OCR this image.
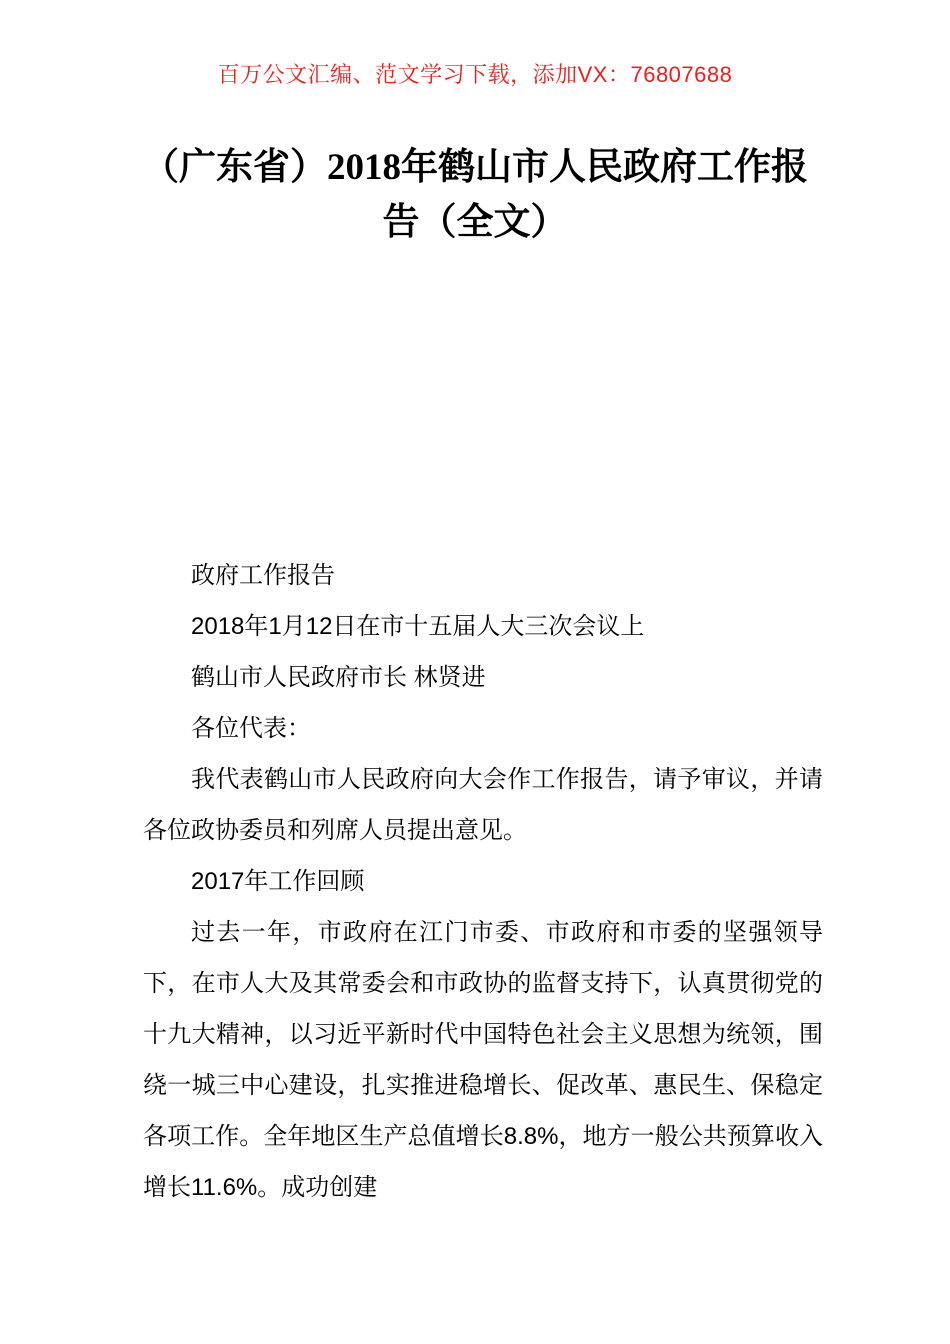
百万公文汇编、范文学习下载，添加VX：76807688
（广东省）2018年鹤山市人民政府工作报告（全文）

政府工作报告

2018年1月12日在市十五届人大三次会议上

鹤山市人民政府市长 林贤进

各位代表：

我代表鹤山市人民政府向大会作工作报告，请予审议，并请各位政协委员和列席人员提出意见。

2017年工作回顾

过去一年，市政府在江门市委、市政府和市委的坚强领导下，在市人大及其常委会和市政协的监督支持下，认真贯彻党的十九大精神，以习近平新时代中国特色社会主义思想为统领，围绕一城三中心建设，扎实推进稳增长、促改革、惠民生、保稳定各项工作。全年地区生产总值增长8.8%，地方一般公共预算收入增长11.6%。成功创建
